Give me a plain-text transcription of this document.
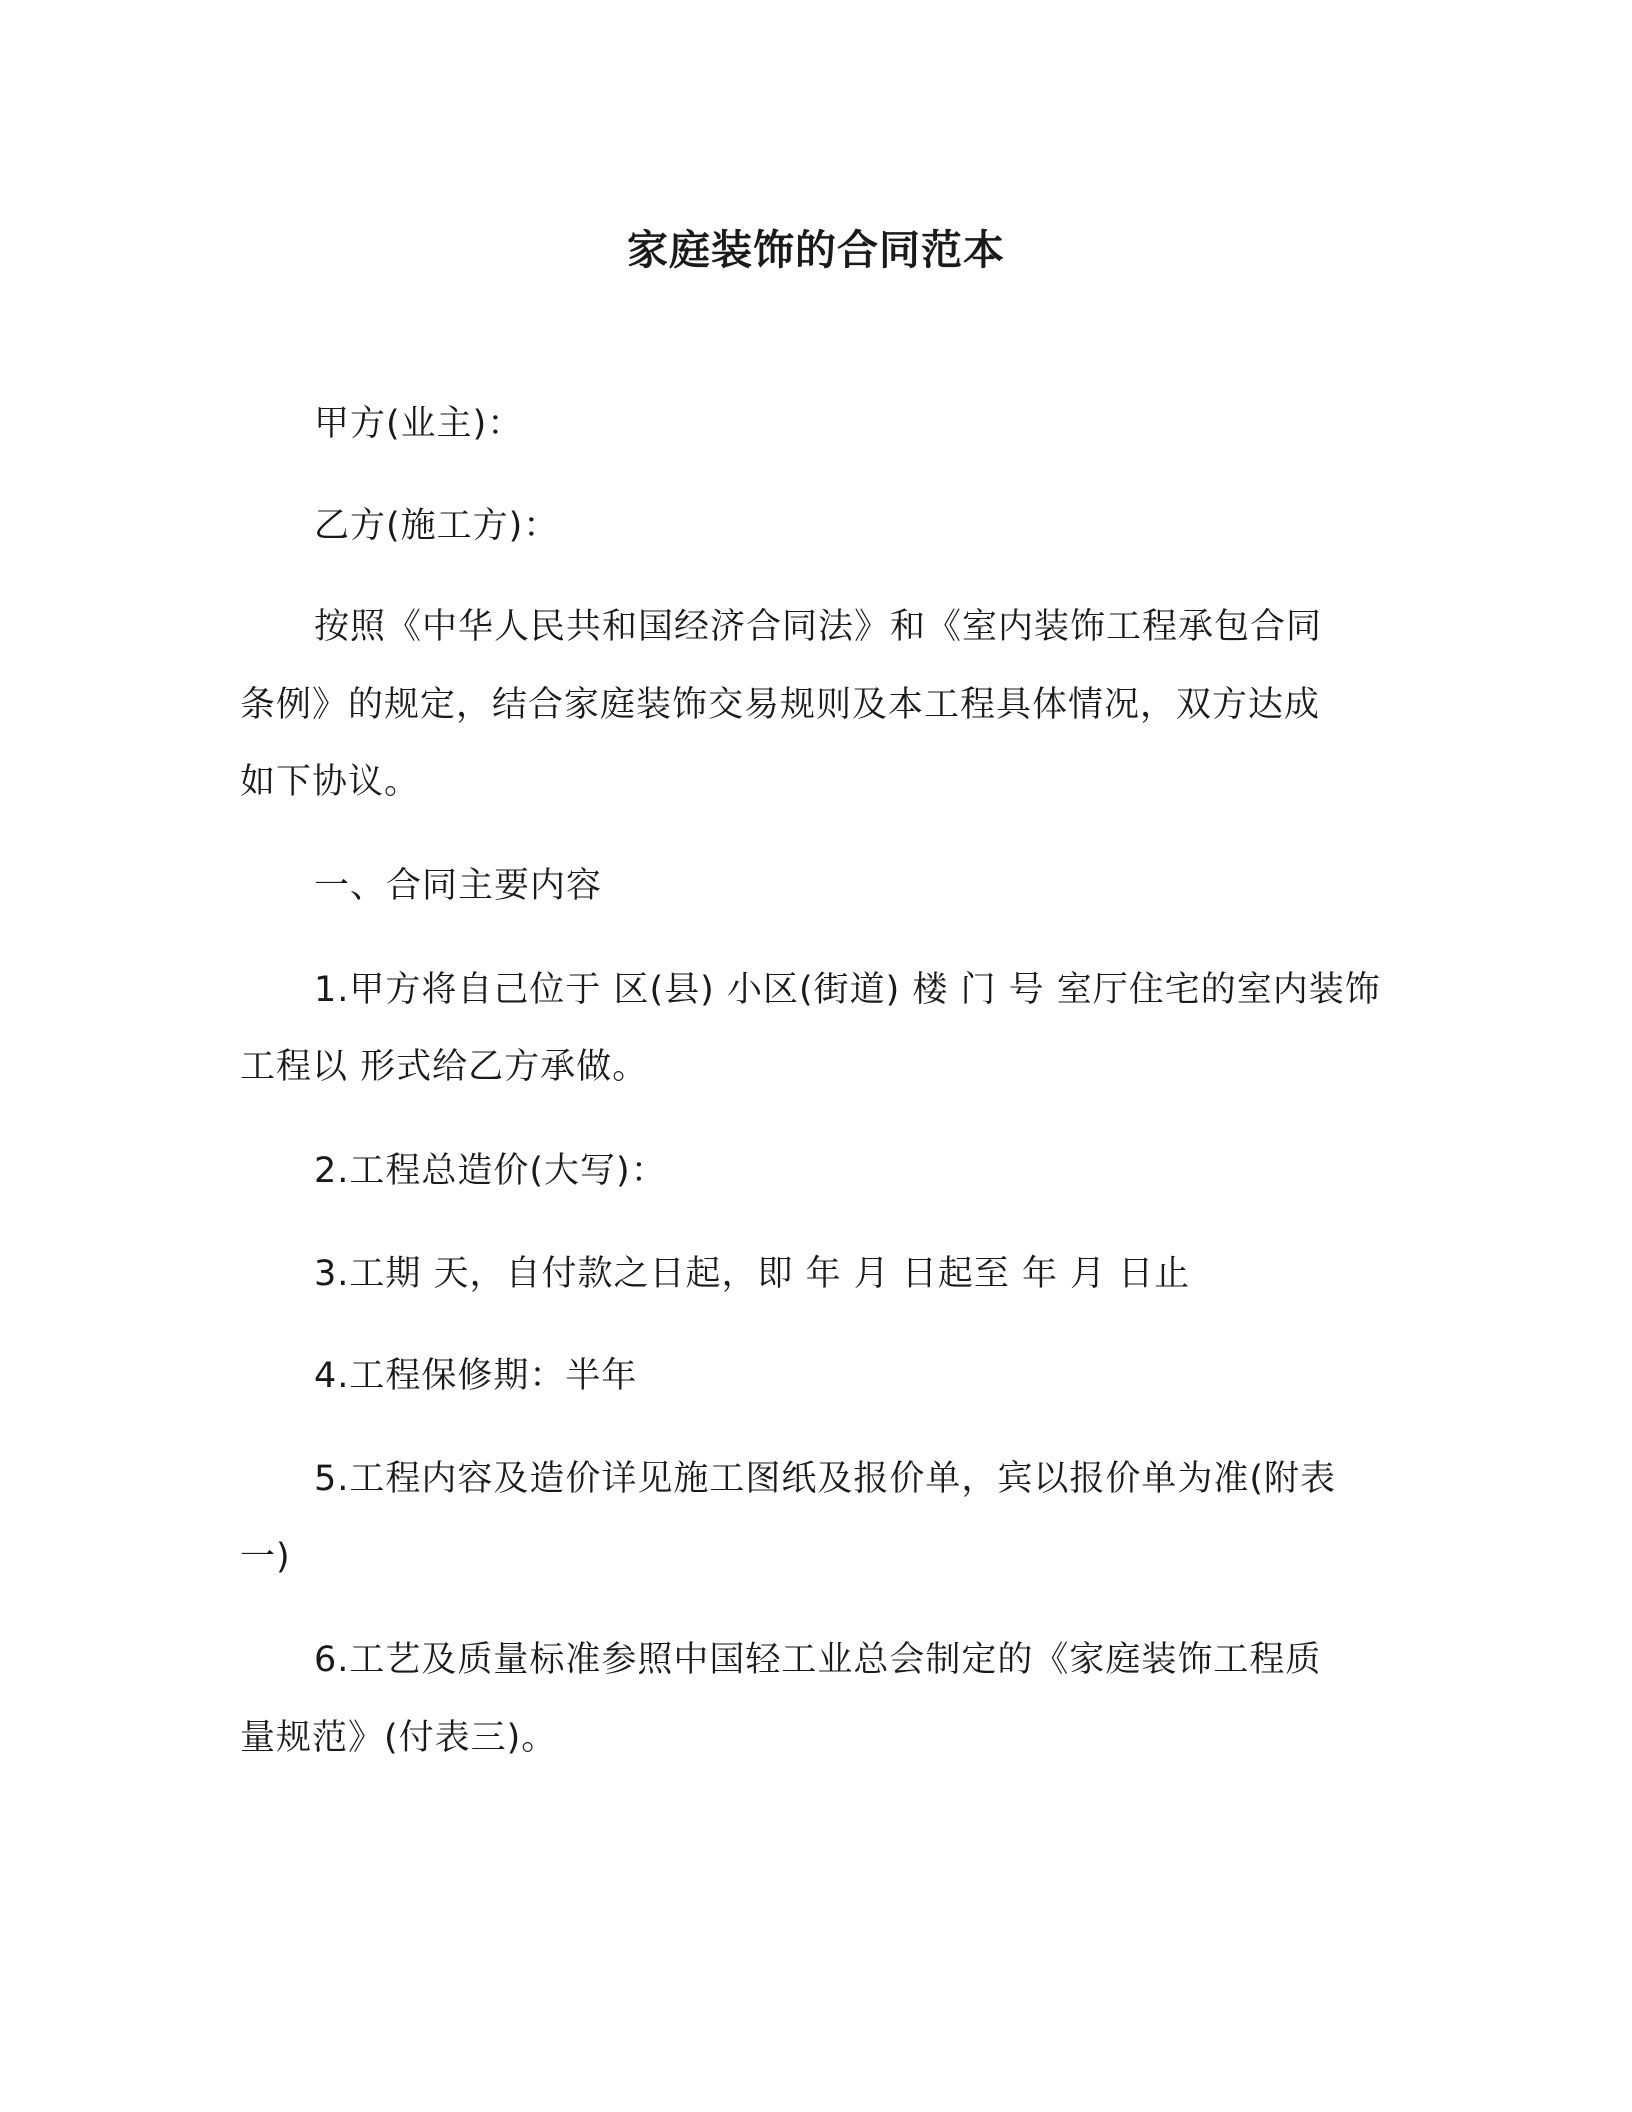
家庭装饰的合同范本
甲方(业主)：
乙方(施工方)：
按照《中华人民共和国经济合同法》和《室内装饰工程承包合同
条例》的规定，结合家庭装饰交易规则及本工程具体情况，双方达成
如下协议。
一、合同主要内容
1.甲方将自己位于 区(县) 小区(街道) 楼 门 号 室厅住宅的室内装饰
工程以 形式给乙方承做。
2.工程总造价(大写)：
3.工期 天，自付款之日起，即 年 月 日起至 年 月 日止
4.工程保修期：半年
5.工程内容及造价详见施工图纸及报价单，宾以报价单为准(附表
一)
6.工艺及质量标准参照中国轻工业总会制定的《家庭装饰工程质
量规范》(付表三)。
